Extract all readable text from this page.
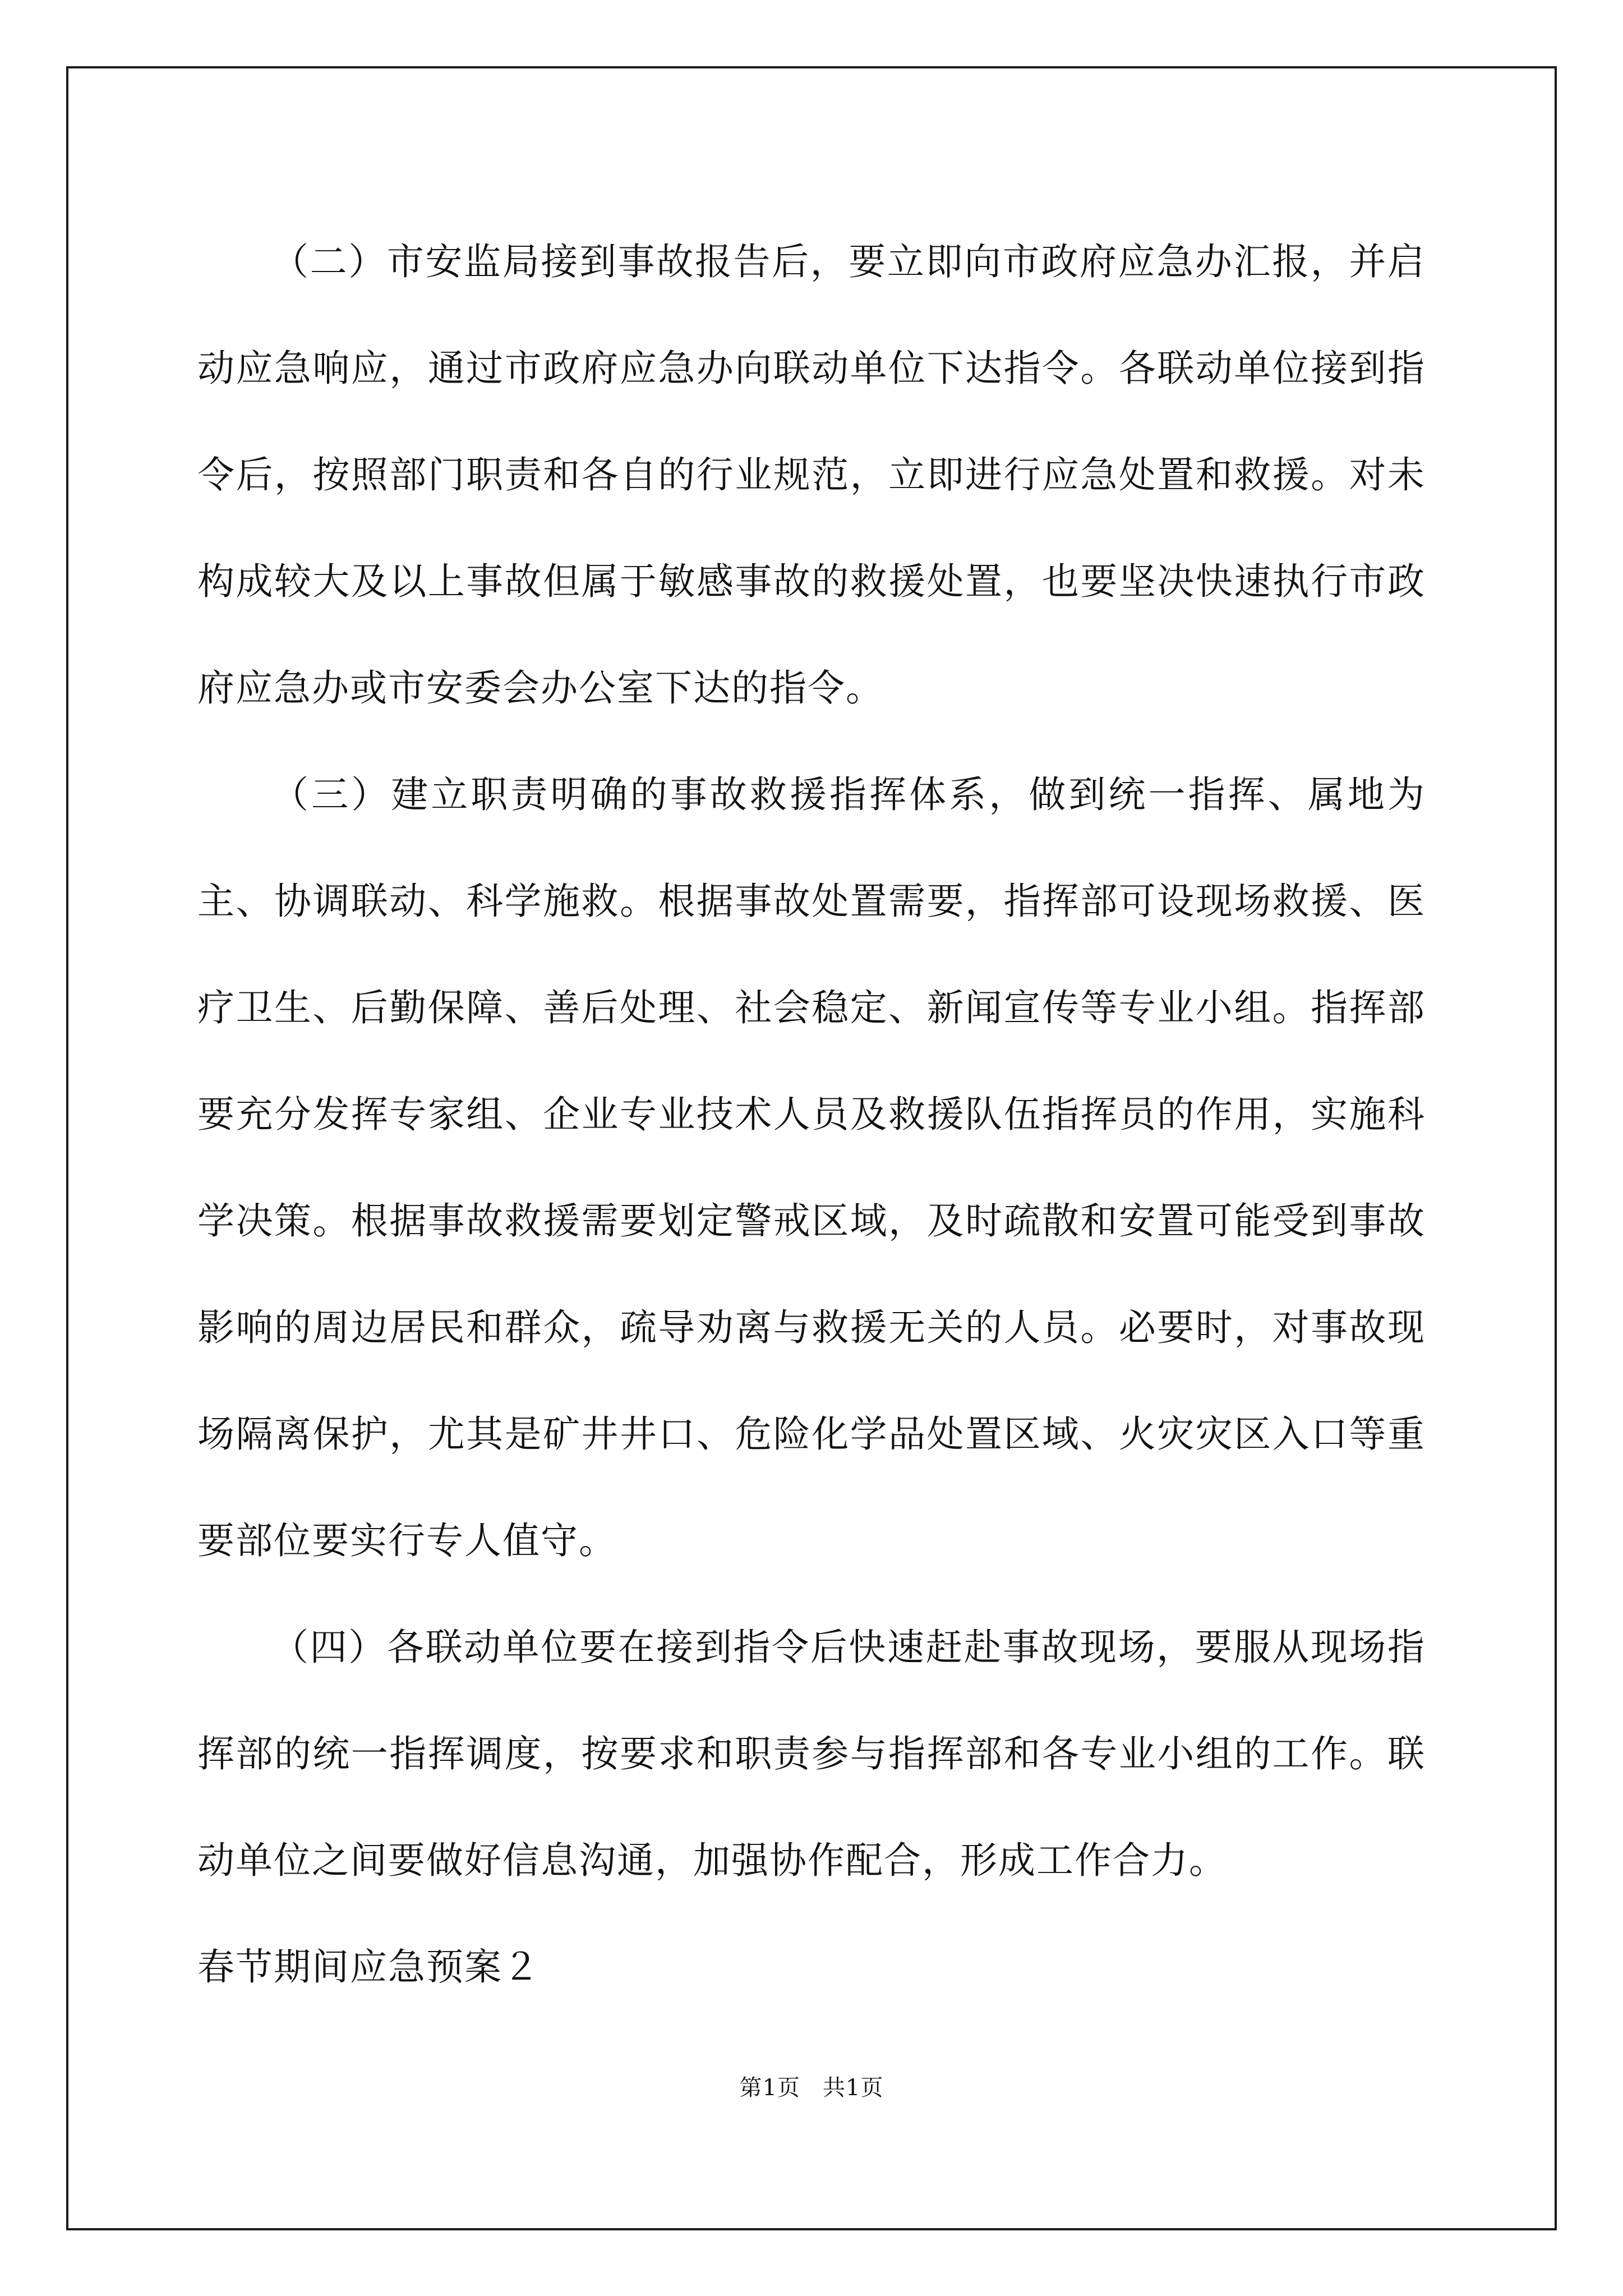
（二）市安监局接到事故报告后，要立即向市政府应急办汇报，并启动应急响应，通过市政府应急办向联动单位下达指令。各联动单位接到指令后，按照部门职责和各自的行业规范，立即进行应急处置和救援。对未构成较大及以上事故但属于敏感事故的救援处置，也要坚决快速执行市政府应急办或市安委会办公室下达的指令。

（三）建立职责明确的事故救援指挥体系，做到统一指挥、属地为主、协调联动、科学施救。根据事故处置需要，指挥部可设现场救援、医疗卫生、后勤保障、善后处理、社会稳定、新闻宣传等专业小组。指挥部要充分发挥专家组、企业专业技术人员及救援队伍指挥员的作用，实施科学决策。根据事故救援需要划定警戒区域，及时疏散和安置可能受到事故影响的周边居民和群众，疏导劝离与救援无关的人员。必要时，对事故现场隔离保护，尤其是矿井井口、危险化学品处置区域、火灾灾区入口等重要部位要实行专人值守。

（四）各联动单位要在接到指令后快速赶赴事故现场，要服从现场指挥部的统一指挥调度，按要求和职责参与指挥部和各专业小组的工作。联动单位之间要做好信息沟通，加强协作配合，形成工作合力。

春节期间应急预案２

第1页 共1页
